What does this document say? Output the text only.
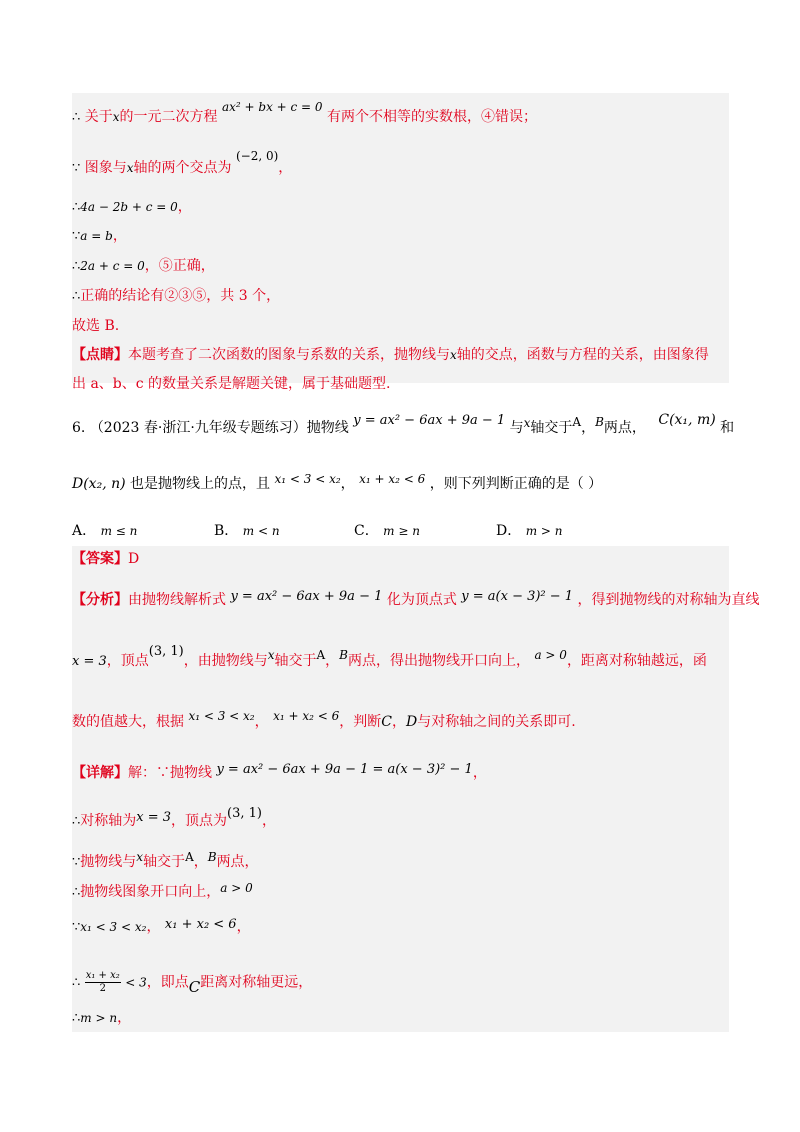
∴ 关于x的一元二次方程 ax² + bx + c = 0 有两个不相等的实数根，④错误；
∵ 图象与x轴的两个交点为 (−2, 0)，
∴4a − 2b + c = 0，
∵a = b，
∴2a + c = 0，⑤正确，
∴正确的结论有②③⑤，共 3 个，
故选 B.
【点睛】本题考查了二次函数的图象与系数的关系，抛物线与x轴的交点，函数与方程的关系，由图象得
出 a、b、c 的数量关系是解题关键，属于基础题型.
6. （2023 春·浙江·九年级专题练习）抛物线 y = ax² − 6ax + 9a − 1 与x轴交于A，B两点， C(x₁, m) 和
D(x₂, n) 也是抛物线上的点，且 x₁ < 3 < x₂， x₁ + x₂ < 6 ，则下列判断正确的是（ ）
A． m ≤ n	B． m < n	C． m ≥ n	D． m > n
【答案】D
【分析】由抛物线解析式 y = ax² − 6ax + 9a − 1 化为顶点式 y = a(x − 3)² − 1 ，得到抛物线的对称轴为直线
x = 3，顶点(3, 1)，由抛物线与x轴交于A，B两点，得出抛物线开口向上， a > 0，距离对称轴越远，函
数的值越大，根据 x₁ < 3 < x₂， x₁ + x₂ < 6，判断C，D与对称轴之间的关系即可.
【详解】解：∵抛物线 y = ax² − 6ax + 9a − 1 = a(x − 3)² − 1，
∴对称轴为x = 3，顶点为(3, 1)，
∵抛物线与x轴交于A，B两点，
∴抛物线图象开口向上，a > 0
∵x₁ < 3 < x₂， x₁ + x₂ < 6，
∴ $\frac{\text{x₁ + x₂}}{2} < 3$，即点C距离对称轴更远，
∴m > n，
